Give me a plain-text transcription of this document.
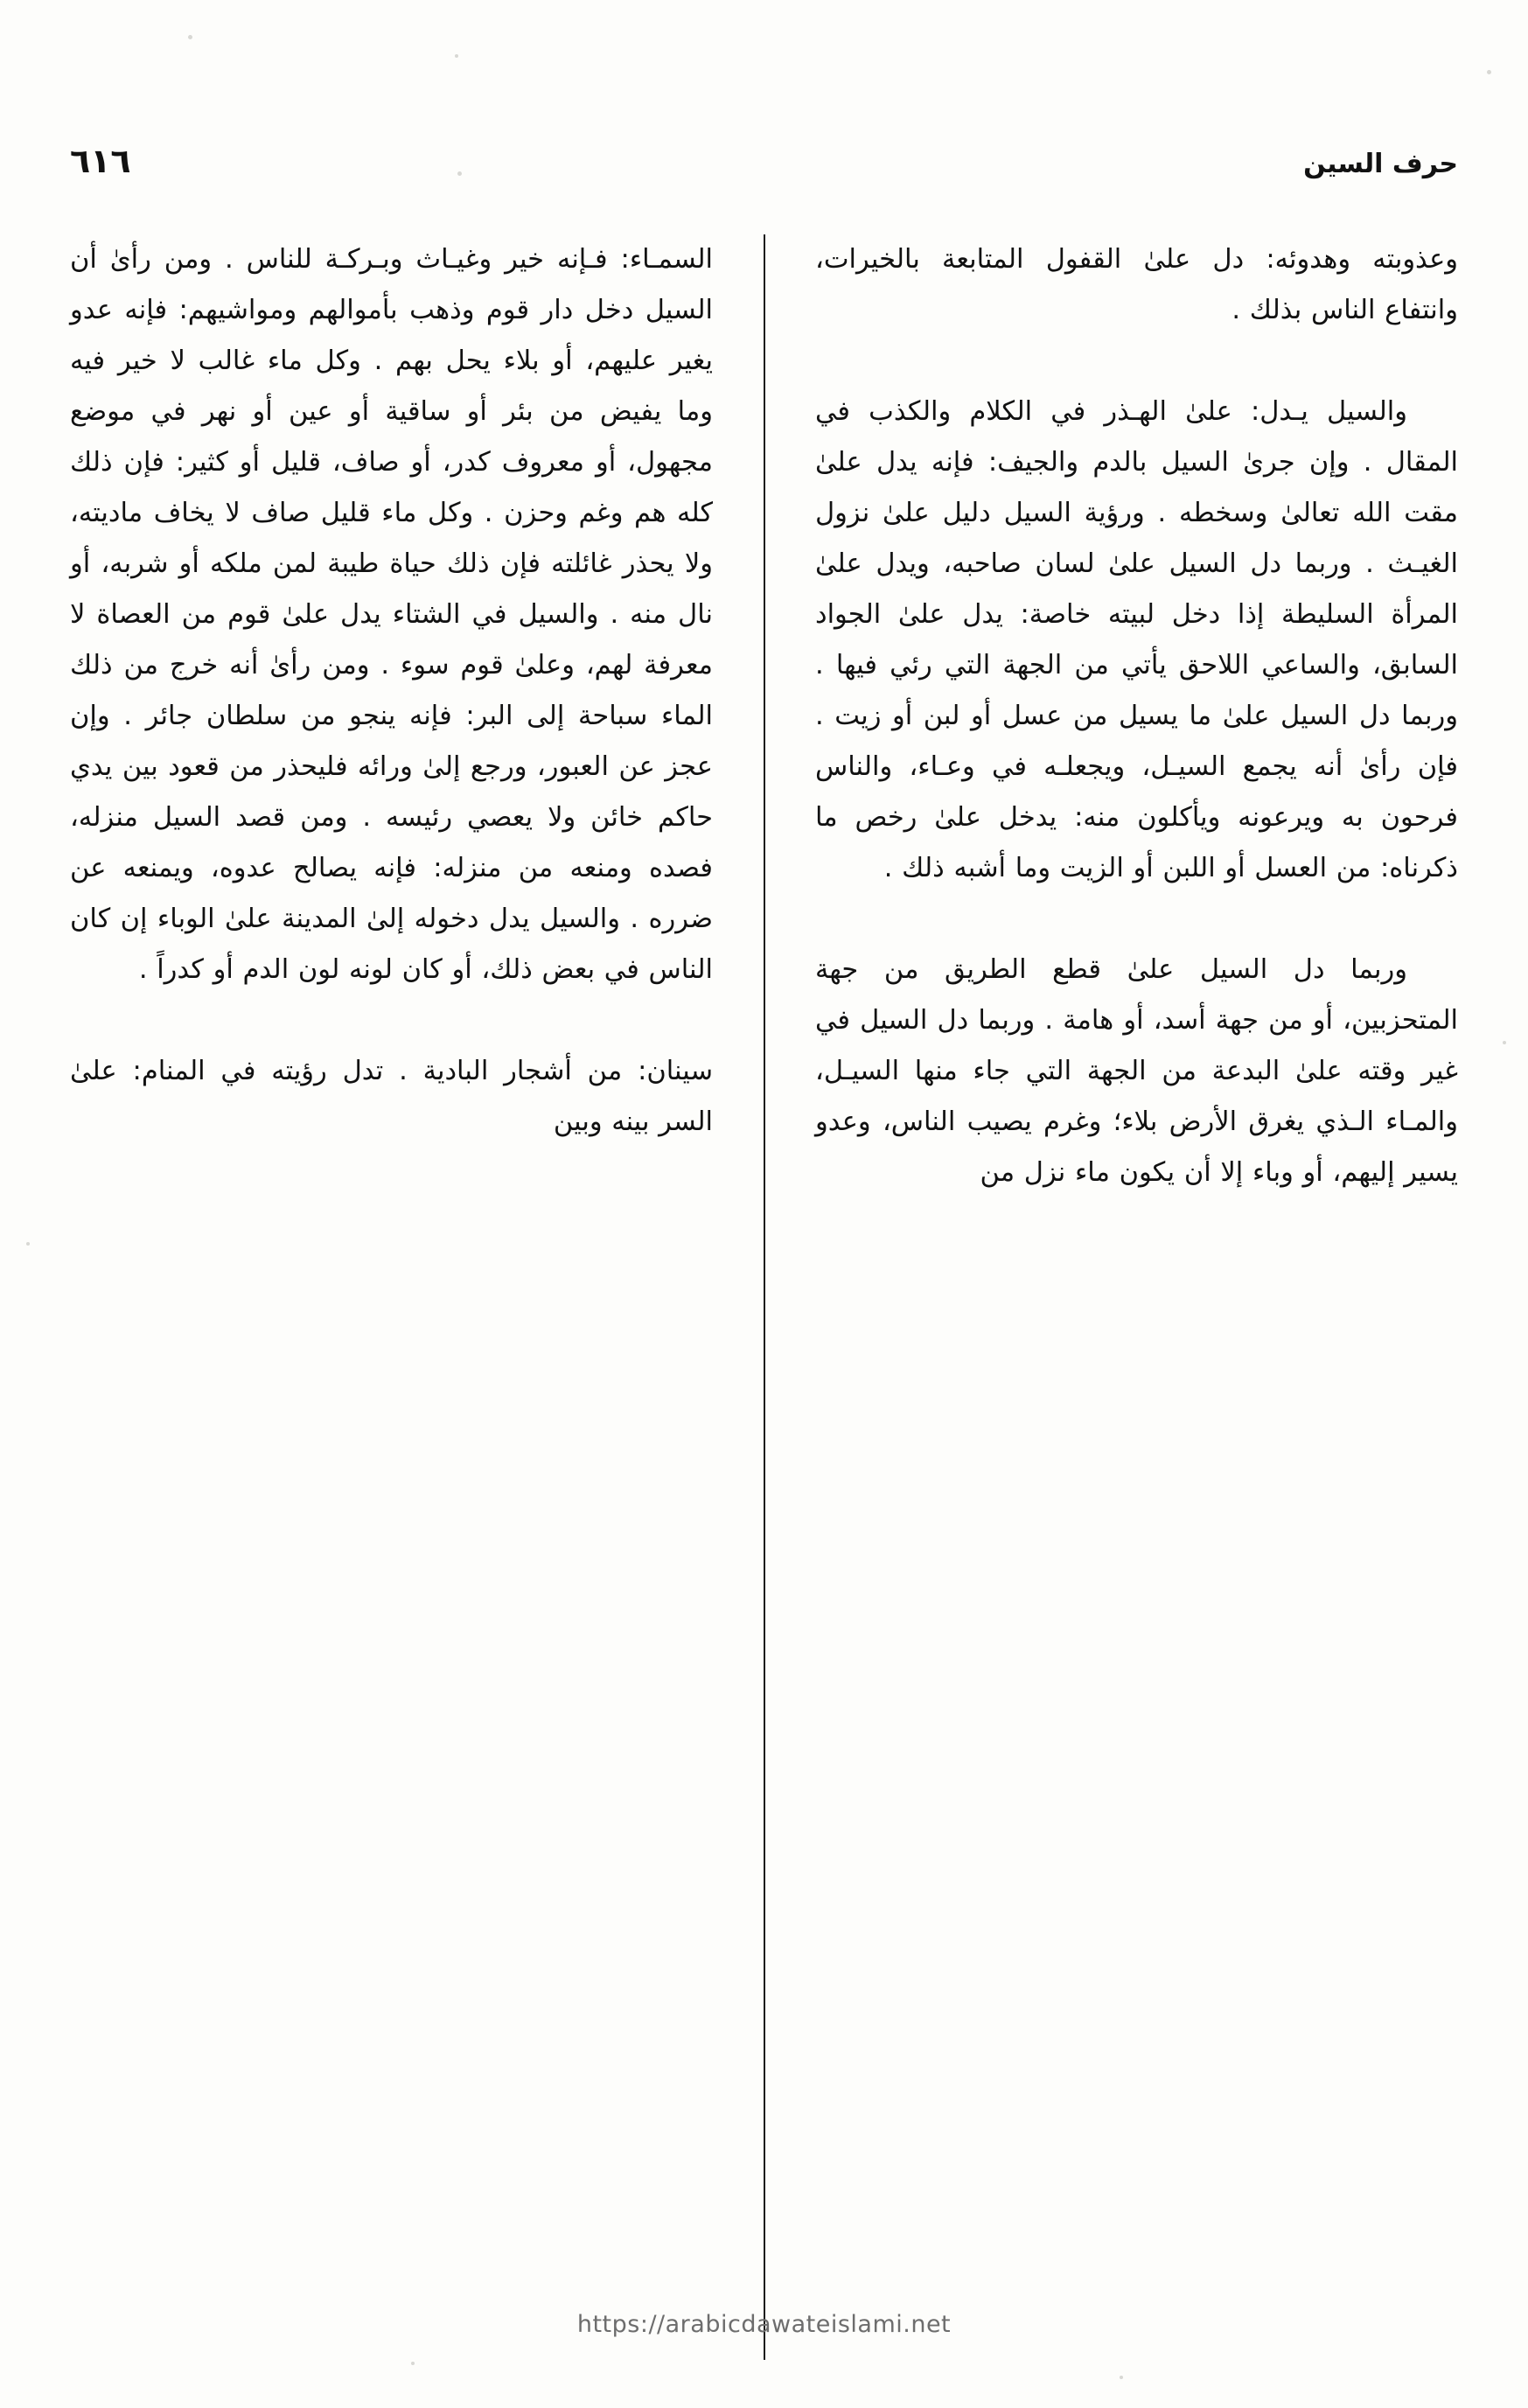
حرف السين
٦١٦

السمـاء: فـإنه خير وغيـاث وبـركـة للناس . ومن رأىٰ أن السيل دخل دار قوم وذهب بأموالهم ومواشيهم: فإنه عدو يغير عليهم، أو بلاء يحل بهم . وكل ماء غالب لا خير فيه وما يفيض من بئر أو ساقية أو عين أو نهر في موضع مجهول، أو معروف كدر، أو صاف، قليل أو كثير: فإن ذلك كله هم وغم وحزن . وكل ماء قليل صاف لا يخاف ماديته، ولا يحذر غائلته فإن ذلك حياة طيبة لمن ملكه أو شربه، أو نال منه . والسيل في الشتاء يدل علىٰ قوم من العصاة لا معرفة لهم، وعلىٰ قوم سوء . ومن رأىٰ أنه خرج من ذلك الماء سباحة إلى البر: فإنه ينجو من سلطان جائر . وإن عجز عن العبور، ورجع إلىٰ ورائه فليحذر من قعود بين يدي حاكم خائن ولا يعصي رئيسه . ومن قصد السيل منزله، فصده ومنعه من منزله: فإنه يصالح عدوه، ويمنعه عن ضرره . والسيل يدل دخوله إلىٰ المدينة علىٰ الوباء إن كان الناس في بعض ذلك، أو كان لونه لون الدم أو كدراً .

سينان: من أشجار البادية . تدل رؤيته في المنام: علىٰ السر بينه وبين

وعذوبته وهدوئه: دل علىٰ القفول المتابعة بالخيرات، وانتفاع الناس بذلك .

والسيل يـدل: علىٰ الهـذر في الكلام والكذب في المقال . وإن جرىٰ السيل بالدم والجيف: فإنه يدل علىٰ مقت الله تعالىٰ وسخطه . ورؤية السيل دليل علىٰ نزول الغيـث . وربما دل السيل علىٰ لسان صاحبه، ويدل علىٰ المرأة السليطة إذا دخل لبيته خاصة: يدل علىٰ الجواد السابق، والساعي اللاحق يأتي من الجهة التي رئي فيها . وربما دل السيل علىٰ ما يسيل من عسل أو لبن أو زيت . فإن رأىٰ أنه يجمع السيـل، ويجعلـه في وعـاء، والناس فرحون به ويرعونه ويأكلون منه: يدخل علىٰ رخص ما ذكرناه: من العسل أو اللبن أو الزيت وما أشبه ذلك .

وربما دل السيل علىٰ قطع الطريق من جهة المتحزبين، أو من جهة أسد، أو هامة . وربما دل السيل في غير وقته علىٰ البدعة من الجهة التي جاء منها السيـل، والمـاء الـذي يغرق الأرض بلاء؛ وغرم يصيب الناس، وعدو يسير إليهم، أو وباء إلا أن يكون ماء نزل من

https://arabicdawateislami.net
